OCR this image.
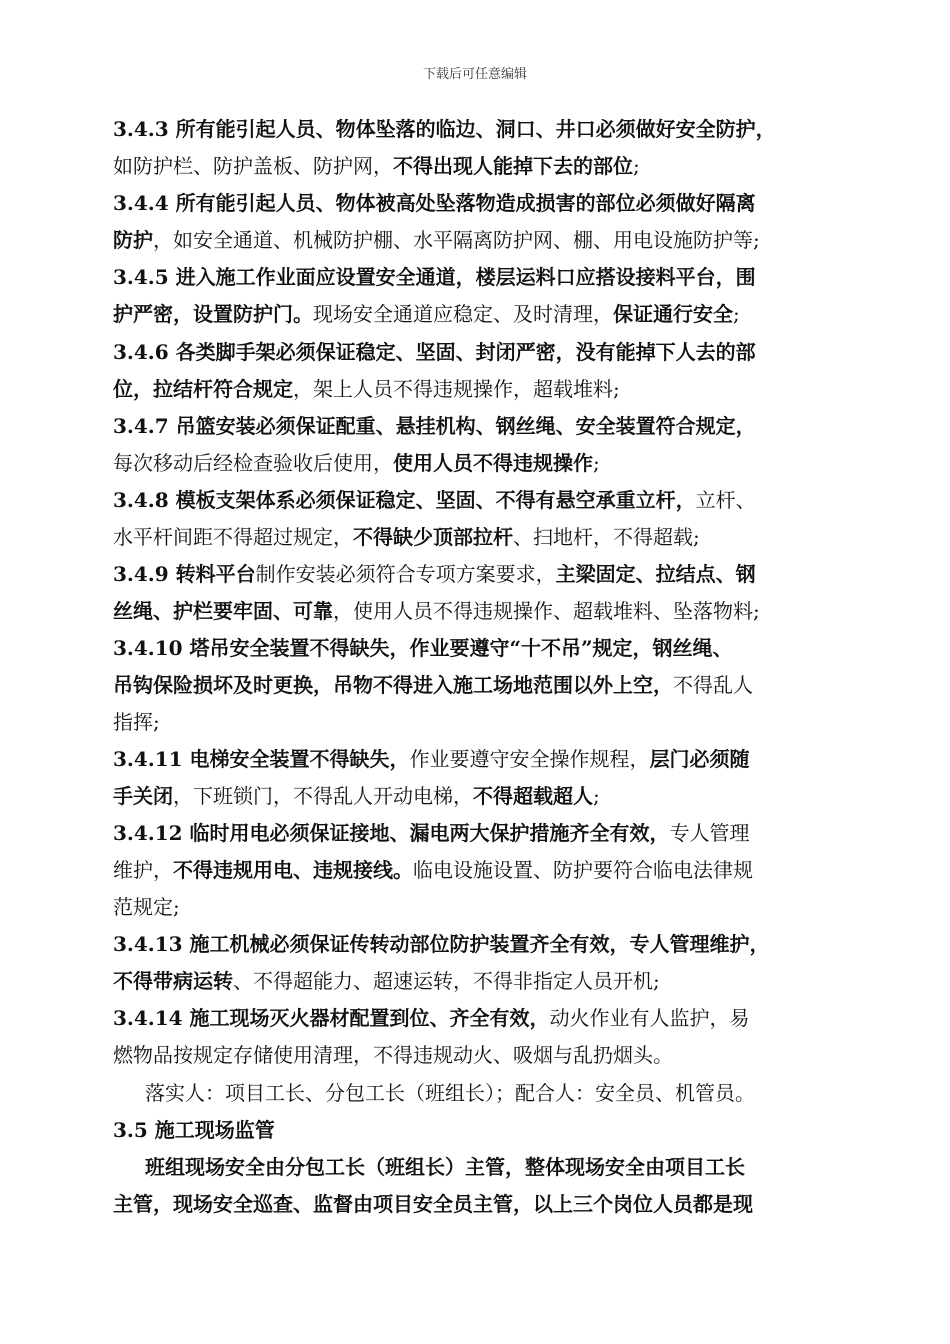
下载后可任意编辑
3.4.3 所有能引起人员、物体坠落的临边、洞口、井口必须做好安全防护，
如防护栏、防护盖板、防护网，不得出现人能掉下去的部位;
3.4.4 所有能引起人员、物体被高处坠落物造成损害的部位必须做好隔离
防护，如安全通道、机械防护棚、水平隔离防护网、棚、用电设施防护等;
3.4.5 进入施工作业面应设置安全通道，楼层运料口应搭设接料平台，围
护严密，设置防护门。现场安全通道应稳定、及时清理，保证通行安全;
3.4.6 各类脚手架必须保证稳定、坚固、封闭严密，没有能掉下人去的部
位，拉结杆符合规定，架上人员不得违规操作，超载堆料;
3.4.7 吊篮安装必须保证配重、悬挂机构、钢丝绳、安全装置符合规定，
每次移动后经检查验收后使用，使用人员不得违规操作;
3.4.8 模板支架体系必须保证稳定、坚固、不得有悬空承重立杆，立杆、
水平杆间距不得超过规定，不得缺少顶部拉杆、扫地杆，不得超载;
3.4.9 转料平台制作安装必须符合专项方案要求，主梁固定、拉结点、钢
丝绳、护栏要牢固、可靠，使用人员不得违规操作、超载堆料、坠落物料;
3.4.10 塔吊安全装置不得缺失，作业要遵守“十不吊”规定，钢丝绳、
吊钩保险损坏及时更换，吊物不得进入施工场地范围以外上空，不得乱人
指挥;
3.4.11 电梯安全装置不得缺失，作业要遵守安全操作规程，层门必须随
手关闭，下班锁门，不得乱人开动电梯，不得超载超人;
3.4.12 临时用电必须保证接地、漏电两大保护措施齐全有效，专人管理
维护，不得违规用电、违规接线。临电设施设置、防护要符合临电法律规
范规定;
3.4.13 施工机械必须保证传转动部位防护装置齐全有效，专人管理维护，
不得带病运转、不得超能力、超速运转，不得非指定人员开机;
3.4.14 施工现场灭火器材配置到位、齐全有效，动火作业有人监护，易
燃物品按规定存储使用清理，不得违规动火、吸烟与乱扔烟头。
落实人：项目工长、分包工长（班组长）；配合人：安全员、机管员。
3.5 施工现场监管
班组现场安全由分包工长（班组长）主管，整体现场安全由项目工长
主管，现场安全巡查、监督由项目安全员主管，以上三个岗位人员都是现
